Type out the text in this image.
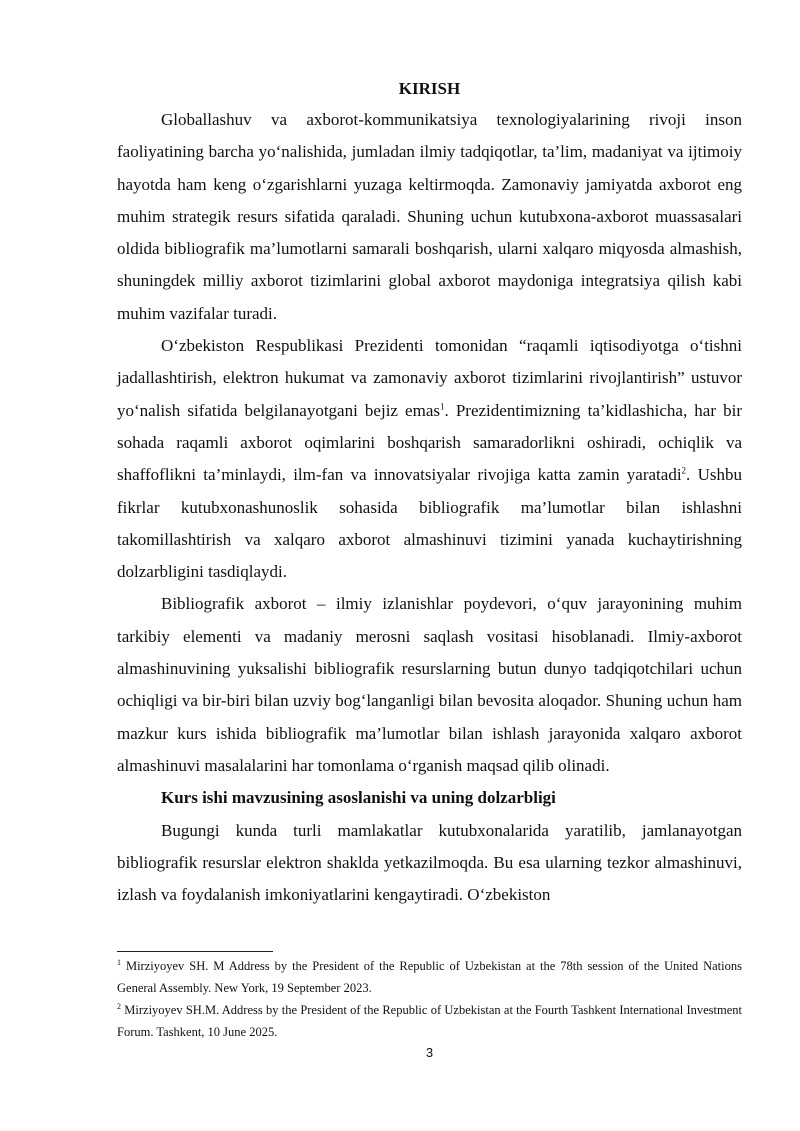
KIRISH

Globallashuv va axborot-kommunikatsiya texnologiyalarining rivoji inson faoliyatining barcha yo‘nalishida, jumladan ilmiy tadqiqotlar, ta’lim, madaniyat va ijtimoiy hayotda ham keng o‘zgarishlarni yuzaga keltirmoqda. Zamonaviy jamiyatda axborot eng muhim strategik resurs sifatida qaraladi. Shuning uchun kutubxona-axborot muassasalari oldida bibliografik ma’lumotlarni samarali boshqarish, ularni xalqaro miqyosda almashish, shuningdek milliy axborot tizimlarini global axborot maydoniga integratsiya qilish kabi muhim vazifalar turadi.

O‘zbekiston Respublikasi Prezidenti tomonidan “raqamli iqtisodiyotga o‘tishni jadallashtirish, elektron hukumat va zamonaviy axborot tizimlarini rivojlantirish” ustuvor yo‘nalish sifatida belgilanayotgani bejiz emas$^1$. Prezidentimizning ta’kidlashicha, har bir sohada raqamli axborot oqimlarini boshqarish samaradorlikni oshiradi, ochiqlik va shaffoflikni ta’minlaydi, ilm-fan va innovatsiyalar rivojiga katta zamin yaratadi$^2$. Ushbu fikrlar kutubxonashunoslik sohasida bibliografik ma’lumotlar bilan ishlashni takomillashtirish va xalqaro axborot almashinuvi tizimini yanada kuchaytirishning dolzarbligini tasdiqlaydi.

Bibliografik axborot – ilmiy izlanishlar poydevori, o‘quv jarayonining muhim tarkibiy elementi va madaniy merosni saqlash vositasi hisoblanadi. Ilmiy-axborot almashinuvining yuksalishi bibliografik resurslarning butun dunyo tadqiqotchilari uchun ochiqligi va bir-biri bilan uzviy bog‘langanligi bilan bevosita aloqador. Shuning uchun ham mazkur kurs ishida bibliografik ma’lumotlar bilan ishlash jarayonida xalqaro axborot almashinuvi masalalarini har tomonlama o‘rganish maqsad qilib olinadi.

Kurs ishi mavzusining asoslanishi va uning dolzarbligi

Bugungi kunda turli mamlakatlar kutubxonalarida yaratilib, jamlanayotgan bibliografik resurslar elektron shaklda yetkazilmoqda. Bu esa ularning tezkor almashinuvi, izlash va foydalanish imkoniyatlarini kengaytiradi. O‘zbekiston

$^1$ Mirziyoyev SH. M Address by the President of the Republic of Uzbekistan at the 78th session of the United Nations General Assembly. New York, 19 September 2023.

$^2$ Mirziyoyev SH.M. Address by the President of the Republic of Uzbekistan at the Fourth Tashkent International Investment Forum. Tashkent, 10 June 2025.

3
